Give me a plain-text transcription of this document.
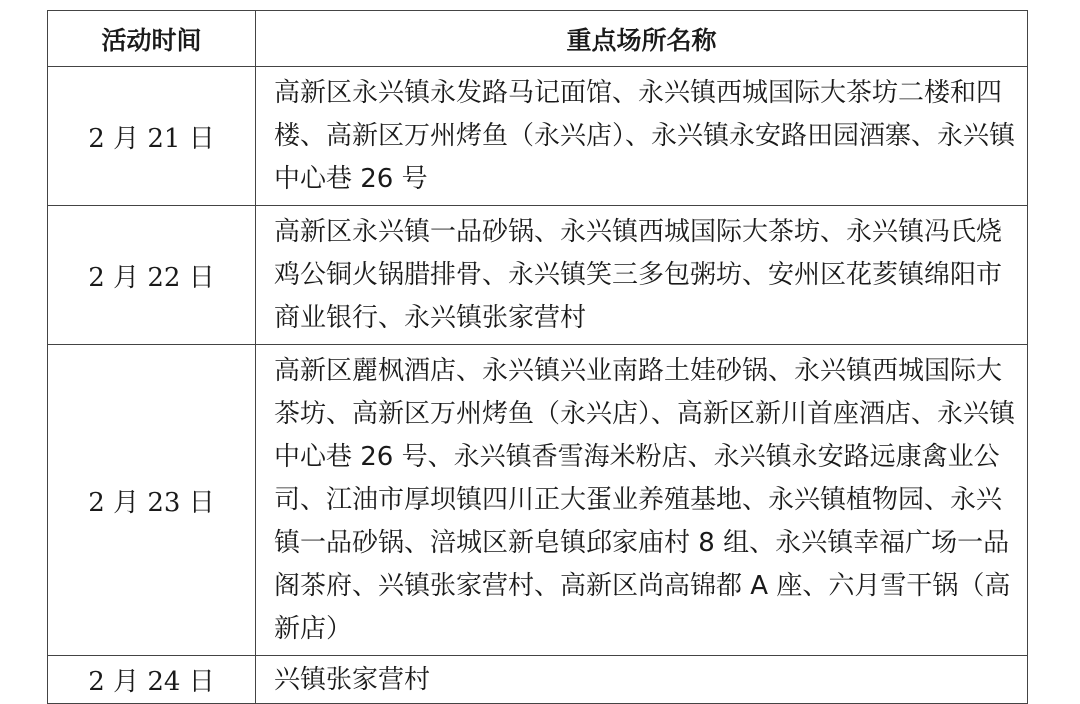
活动时间	重点场所名称
2 月 21 日	高新区永兴镇永发路马记面馆、永兴镇西城国际大茶坊二楼和四楼、高新区万州烤鱼（永兴店）、永兴镇永安路田园酒寨、永兴镇中心巷 26 号
2 月 22 日	高新区永兴镇一品砂锅、永兴镇西城国际大茶坊、永兴镇冯氏烧鸡公铜火锅腊排骨、永兴镇笑三多包粥坊、安州区花荄镇绵阳市商业银行、永兴镇张家营村
2 月 23 日	高新区麗枫酒店、永兴镇兴业南路土娃砂锅、永兴镇西城国际大茶坊、高新区万州烤鱼（永兴店）、高新区新川首座酒店、永兴镇中心巷 26 号、永兴镇香雪海米粉店、永兴镇永安路远康禽业公司、江油市厚坝镇四川正大蛋业养殖基地、永兴镇植物园、永兴镇一品砂锅、涪城区新皂镇邱家庙村 8 组、永兴镇幸福广场一品阁茶府、兴镇张家营村、高新区尚高锦都 A 座、六月雪干锅（高新店）
2 月 24 日	兴镇张家营村
